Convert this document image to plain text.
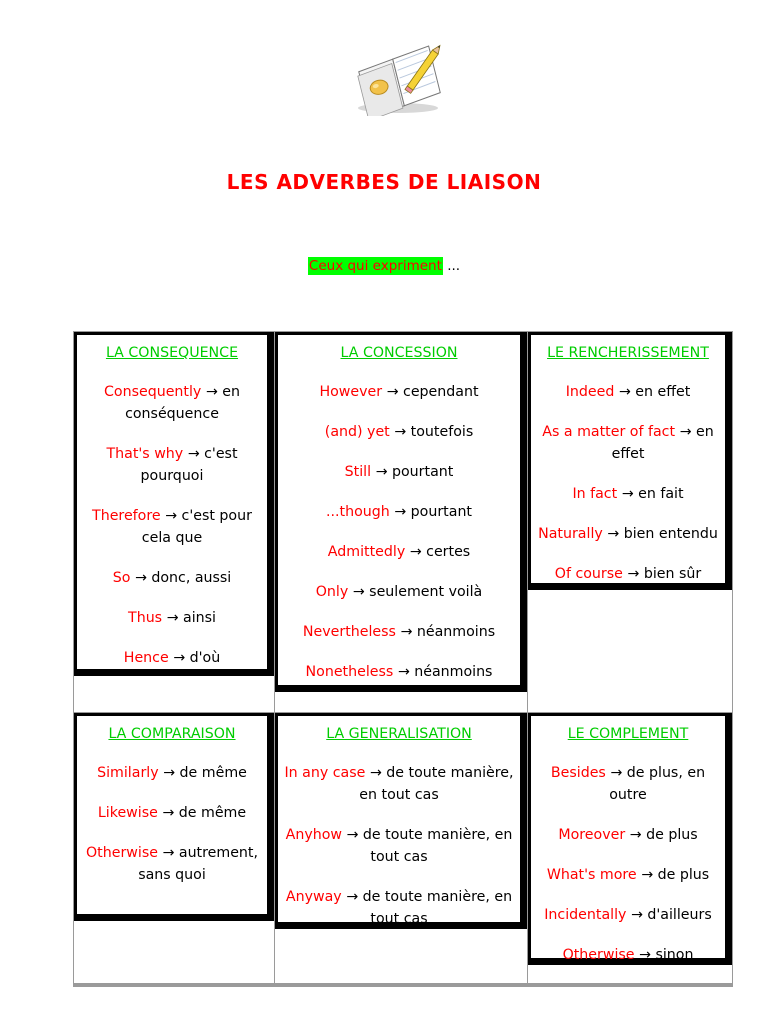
LES ADVERBES DE LIAISON
Ceux qui expriment ...
LA CONSEQUENCE
Consequently → en conséquence
That's why → c'est pourquoi
Therefore → c'est pour cela que
So → donc, aussi
Thus → ainsi
Hence → d'où
LA CONCESSION
However → cependant
(and) yet → toutefois
Still → pourtant
...though → pourtant
Admittedly → certes
Only → seulement voilà
Nevertheless → néanmoins
Nonetheless → néanmoins
LE RENCHERISSEMENT
Indeed → en effet
As a matter of fact → en effet
In fact → en fait
Naturally → bien entendu
Of course → bien sûr
LA COMPARAISON
Similarly → de même
Likewise → de même
Otherwise → autrement, sans quoi
LA GENERALISATION
In any case → de toute manière, en tout cas
Anyhow → de toute manière, en tout cas
Anyway → de toute manière, en tout cas
LE COMPLEMENT
Besides → de plus, en outre
Moreover → de plus
What's more → de plus
Incidentally → d'ailleurs
Otherwise → sinon
